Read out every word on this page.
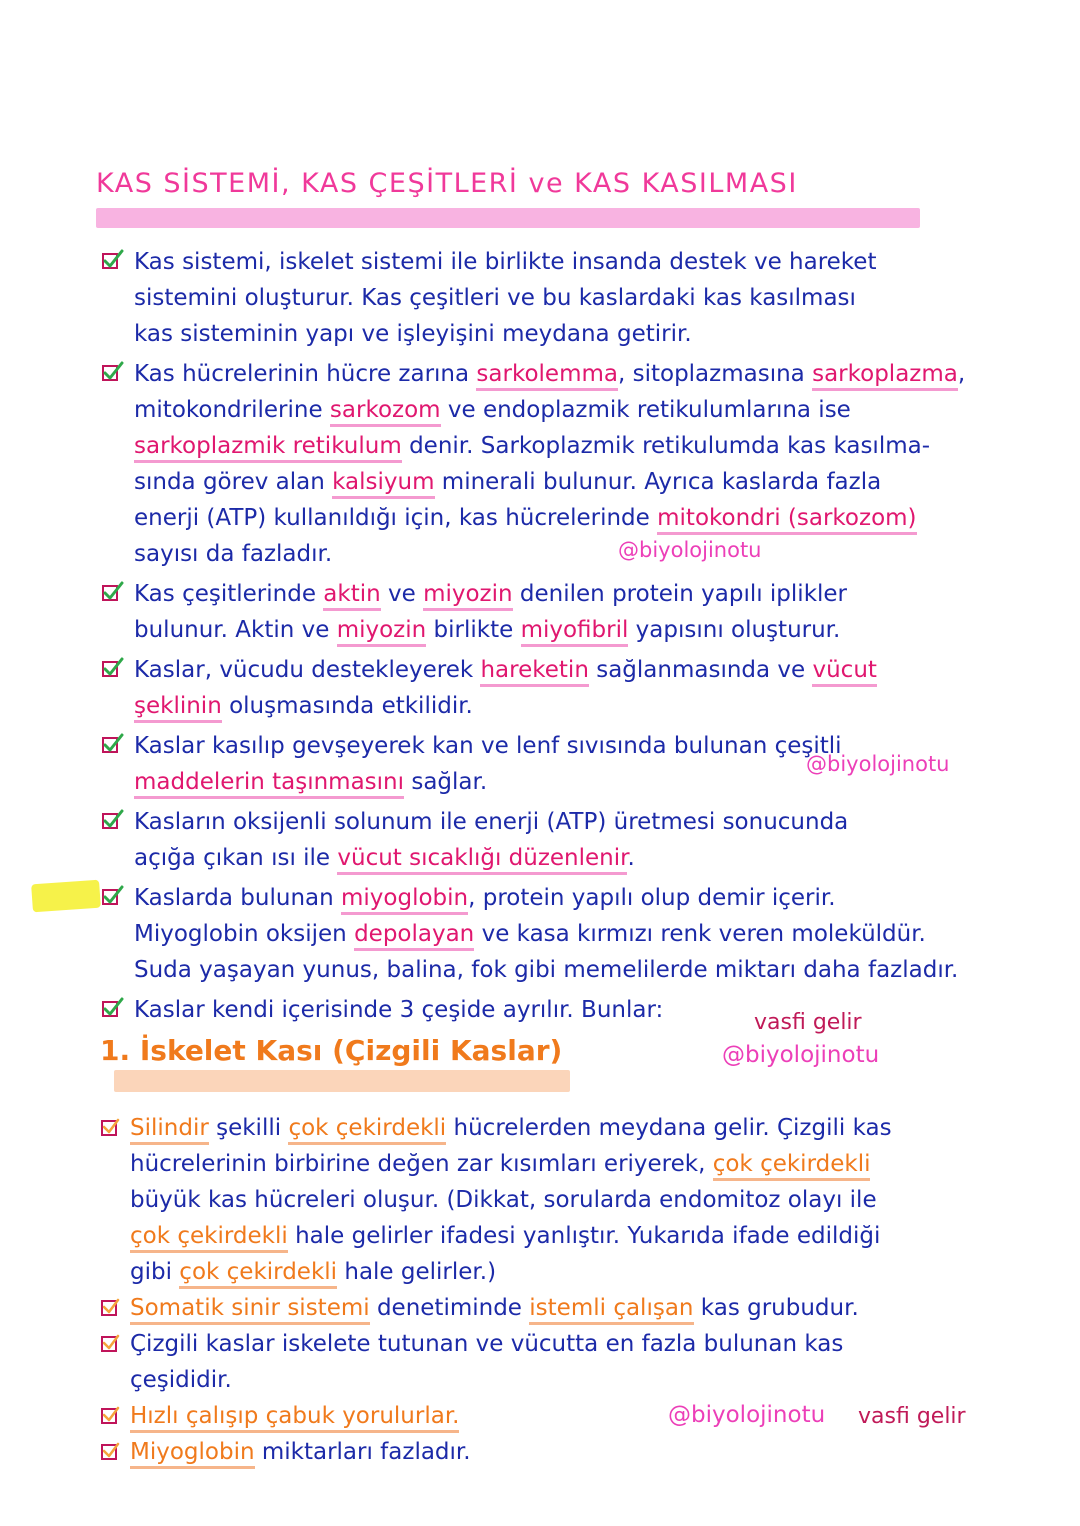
KAS SİSTEMİ, KAS ÇEŞİTLERİ ve KAS KASILMASI
Kas sistemi, iskelet sistemi ile birlikte insanda destek ve hareket
sistemini oluşturur. Kas çeşitleri ve bu kaslardaki kas kasılması
kas sisteminin yapı ve işleyişini meydana getirir.
Kas hücrelerinin hücre zarına sarkolemma, sitoplazmasına sarkoplazma,
mitokondrilerine sarkozom ve endoplazmik retikulumlarına ise
sarkoplazmik retikulum denir. Sarkoplazmik retikulumda kas kasılma-
sında görev alan kalsiyum minerali bulunur. Ayrıca kaslarda fazla
enerji (ATP) kullanıldığı için, kas hücrelerinde mitokondri (sarkozom)
sayısı da fazladır.
Kas çeşitlerinde aktin ve miyozin denilen protein yapılı iplikler
bulunur. Aktin ve miyozin birlikte miyofibril yapısını oluşturur.
Kaslar, vücudu destekleyerek hareketin sağlanmasında ve vücut
şeklinin oluşmasında etkilidir.
Kaslar kasılıp gevşeyerek kan ve lenf sıvısında bulunan çeşitli
maddelerin taşınmasını sağlar.
Kasların oksijenli solunum ile enerji (ATP) üretmesi sonucunda
açığa çıkan ısı ile vücut sıcaklığı düzenlenir.
Kaslarda bulunan miyoglobin, protein yapılı olup demir içerir.
Miyoglobin oksijen depolayan ve kasa kırmızı renk veren moleküldür.
Suda yaşayan yunus, balina, fok gibi memelilerde miktarı daha fazladır.
Kaslar kendi içerisinde 3 çeşide ayrılır. Bunlar:
@biyolojinotu
@biyolojinotu
1. İskelet Kası (Çizgili Kaslar)
vasfi gelir
@biyolojinotu
Silindir şekilli çok çekirdekli hücrelerden meydana gelir. Çizgili kas
hücrelerinin birbirine değen zar kısımları eriyerek, çok çekirdekli
büyük kas hücreleri oluşur. (Dikkat, sorularda endomitoz olayı ile
çok çekirdekli hale gelirler ifadesi yanlıştır. Yukarıda ifade edildiği
gibi çok çekirdekli hale gelirler.)
Somatik sinir sistemi denetiminde istemli çalışan kas grubudur.
Çizgili kaslar iskelete tutunan ve vücutta en fazla bulunan kas
çeşididir.
Hızlı çalışıp çabuk yorulurlar.
Miyoglobin miktarları fazladır.
@biyolojinotu vasfi gelir
